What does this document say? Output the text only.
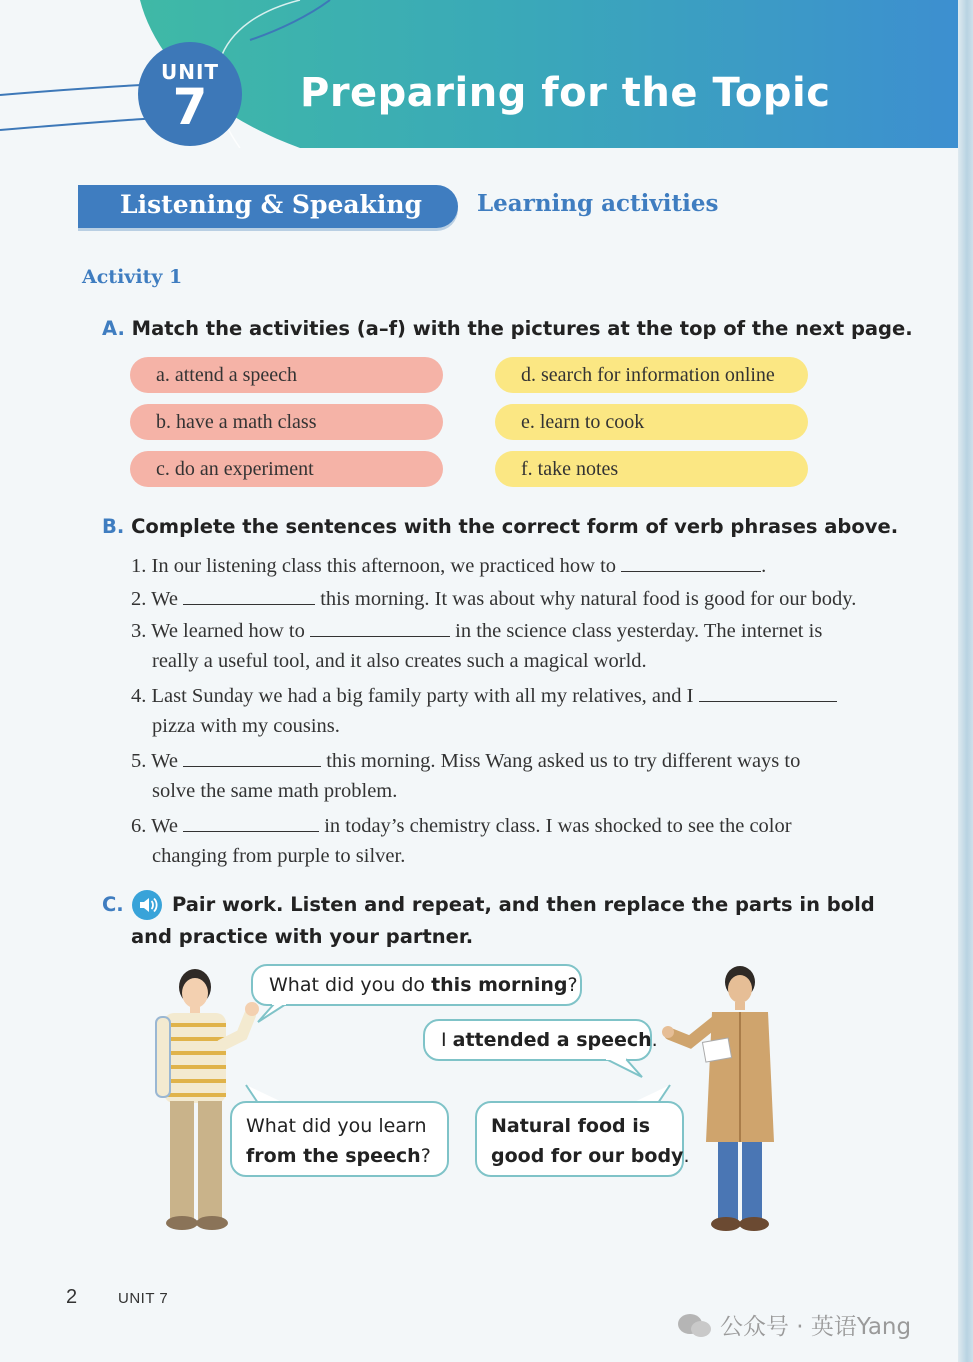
UNIT
7	Preparing for the Topic
Listening & Speaking Learning activities
Activity 1
A. Match the activities (a–f) with the pictures at the top of the next page.
a. attend a speech
b. have a math class
c. do an experiment
d. search for information online
e. learn to cook
f. take notes
B. Complete the sentences with the correct form of verb phrases above.
1. In our listening class this afternoon, we practiced how to	.
2. We	this morning. It was about why natural food is good for our body.
3. We learned how to	in the science class yesterday. The internet is
really a useful tool, and it also creates such a magical world.
4. Last Sunday we had a big family party with all my relatives, and I
pizza with my cousins.
5. We	this morning. Miss Wang asked us to try different ways to
solve the same math problem.
6. We	in today’s chemistry class. I was shocked to see the color
changing from purple to silver.
C. Pair work. Listen and repeat, and then replace the parts in bold
and practice with your partner.
What did you do this morning?
I attended a speech.
What did you learn
from the speech?
Natural food is
good for our body.
2	UNIT 7
公众号 · 英语Yang
